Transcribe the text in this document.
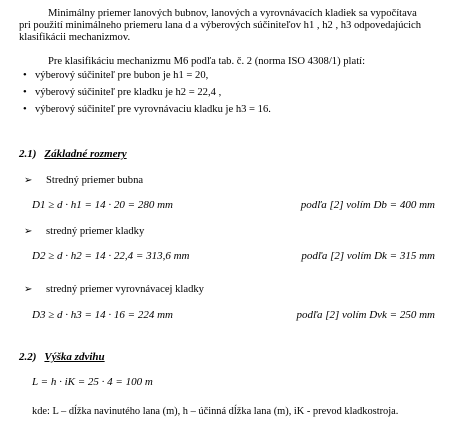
Minimálny priemer lanových bubnov, lanových a vyrovnávacích kladiek sa vypočítava
pri použití minimálneho priemeru lana d a výberových súčiniteľov h1 , h2 , h3 odpovedajúcich
klasifikácii mechanizmov.
Pre klasifikáciu mechanizmu M6 podľa tab. č. 2 (norma ISO 4308/1) platí:
• výberový súčiniteľ pre bubon je h1 = 20,
• výberový súčiniteľ pre kladku je h2 = 22,4 ,
• výberový súčiniteľ pre vyrovnávaciu kladku je h3 = 16.
2.1) Základné rozmery
➢ Stredný priemer bubna
D1 ≥ d · h1 = 14 · 20 = 280 mm	podľa [2] volím Db = 400 mm
➢ stredný priemer kladky
D2 ≥ d · h2 = 14 · 22,4 = 313,6 mm	podľa [2] volím Dk = 315 mm
➢ stredný priemer vyrovnávacej kladky
D3 ≥ d · h3 = 14 · 16 = 224 mm	podľa [2] volím Dvk = 250 mm
2.2) Výška zdvihu
L = h · iK = 25 · 4 = 100 m
kde: L – dĺžka navinutého lana (m), h – účinná dĺžka lana (m), iK - prevod kladkostroja.
